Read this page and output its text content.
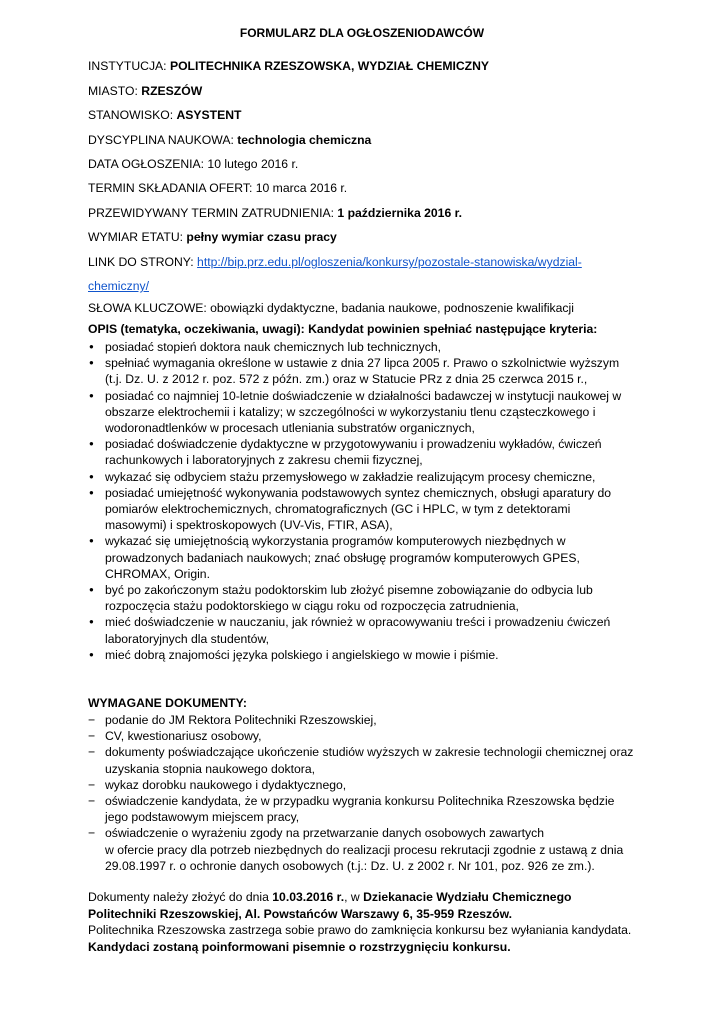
FORMULARZ DLA OGŁOSZENIODAWCÓW
INSTYTUCJA: POLITECHNIKA RZESZOWSKA, WYDZIAŁ CHEMICZNY
MIASTO: RZESZÓW
STANOWISKO: ASYSTENT
DYSCYPLINA NAUKOWA: technologia chemiczna
DATA OGŁOSZENIA: 10 lutego 2016 r.
TERMIN SKŁADANIA OFERT: 10 marca 2016 r.
PRZEWIDYWANY TERMIN ZATRUDNIENIA: 1 października 2016 r.
WYMIAR ETATU: pełny wymiar czasu pracy
LINK DO STRONY: http://bip.prz.edu.pl/ogloszenia/konkursy/pozostale-stanowiska/wydzial-
chemiczny/
SŁOWA KLUCZOWE: obowiązki dydaktyczne, badania naukowe, podnoszenie kwalifikacji
OPIS (tematyka, oczekiwania, uwagi): Kandydat powinien spełniać następujące kryteria:
● posiadać stopień doktora nauk chemicznych lub technicznych,
● spełniać wymagania określone w ustawie z dnia 27 lipca 2005 r. Prawo o szkolnictwie wyższym
(t.j. Dz. U. z 2012 r. poz. 572 z późn. zm.) oraz w Statucie PRz z dnia 25 czerwca 2015 r.,
● posiadać co najmniej 10-letnie doświadczenie w działalności badawczej w instytucji naukowej w
obszarze elektrochemii i katalizy; w szczególności w wykorzystaniu tlenu cząsteczkowego i
wodoronadtlenków w procesach utleniania substratów organicznych,
● posiadać doświadczenie dydaktyczne w przygotowywaniu i prowadzeniu wykładów, ćwiczeń
rachunkowych i laboratoryjnych z zakresu chemii fizycznej,
● wykazać się odbyciem stażu przemysłowego w zakładzie realizującym procesy chemiczne,
● posiadać umiejętność wykonywania podstawowych syntez chemicznych, obsługi aparatury do
pomiarów elektrochemicznych, chromatograficznych (GC i HPLC, w tym z detektorami
masowymi) i spektroskopowych (UV-Vis, FTIR, ASA),
● wykazać się umiejętnością wykorzystania programów komputerowych niezbędnych w
prowadzonych badaniach naukowych; znać obsługę programów komputerowych GPES,
CHROMAX, Origin.
● być po zakończonym stażu podoktorskim lub złożyć pisemne zobowiązanie do odbycia lub
rozpoczęcia stażu podoktorskiego w ciągu roku od rozpoczęcia zatrudnienia,
● mieć doświadczenie w nauczaniu, jak również w opracowywaniu treści i prowadzeniu ćwiczeń
laboratoryjnych dla studentów,
● mieć dobrą znajomości języka polskiego i angielskiego w mowie i piśmie.
WYMAGANE DOKUMENTY:
− podanie do JM Rektora Politechniki Rzeszowskiej,
− CV, kwestionariusz osobowy,
− dokumenty poświadczające ukończenie studiów wyższych w zakresie technologii chemicznej oraz
uzyskania stopnia naukowego doktora,
− wykaz dorobku naukowego i dydaktycznego,
− oświadczenie kandydata, że w przypadku wygrania konkursu Politechnika Rzeszowska będzie
jego podstawowym miejscem pracy,
− oświadczenie o wyrażeniu zgody na przetwarzanie danych osobowych zawartych
w ofercie pracy dla potrzeb niezbędnych do realizacji procesu rekrutacji zgodnie z ustawą z dnia
29.08.1997 r. o ochronie danych osobowych (t.j.: Dz. U. z 2002 r. Nr 101, poz. 926 ze zm.).
Dokumenty należy złożyć do dnia 10.03.2016 r., w Dziekanacie Wydziału Chemicznego Politechniki Rzeszowskiej, Al. Powstańców Warszawy 6, 35-959 Rzeszów.
Politechnika Rzeszowska zastrzega sobie prawo do zamknięcia konkursu bez wyłaniania kandydata.
Kandydaci zostaną poinformowani pisemnie o rozstrzygnięciu konkursu.
